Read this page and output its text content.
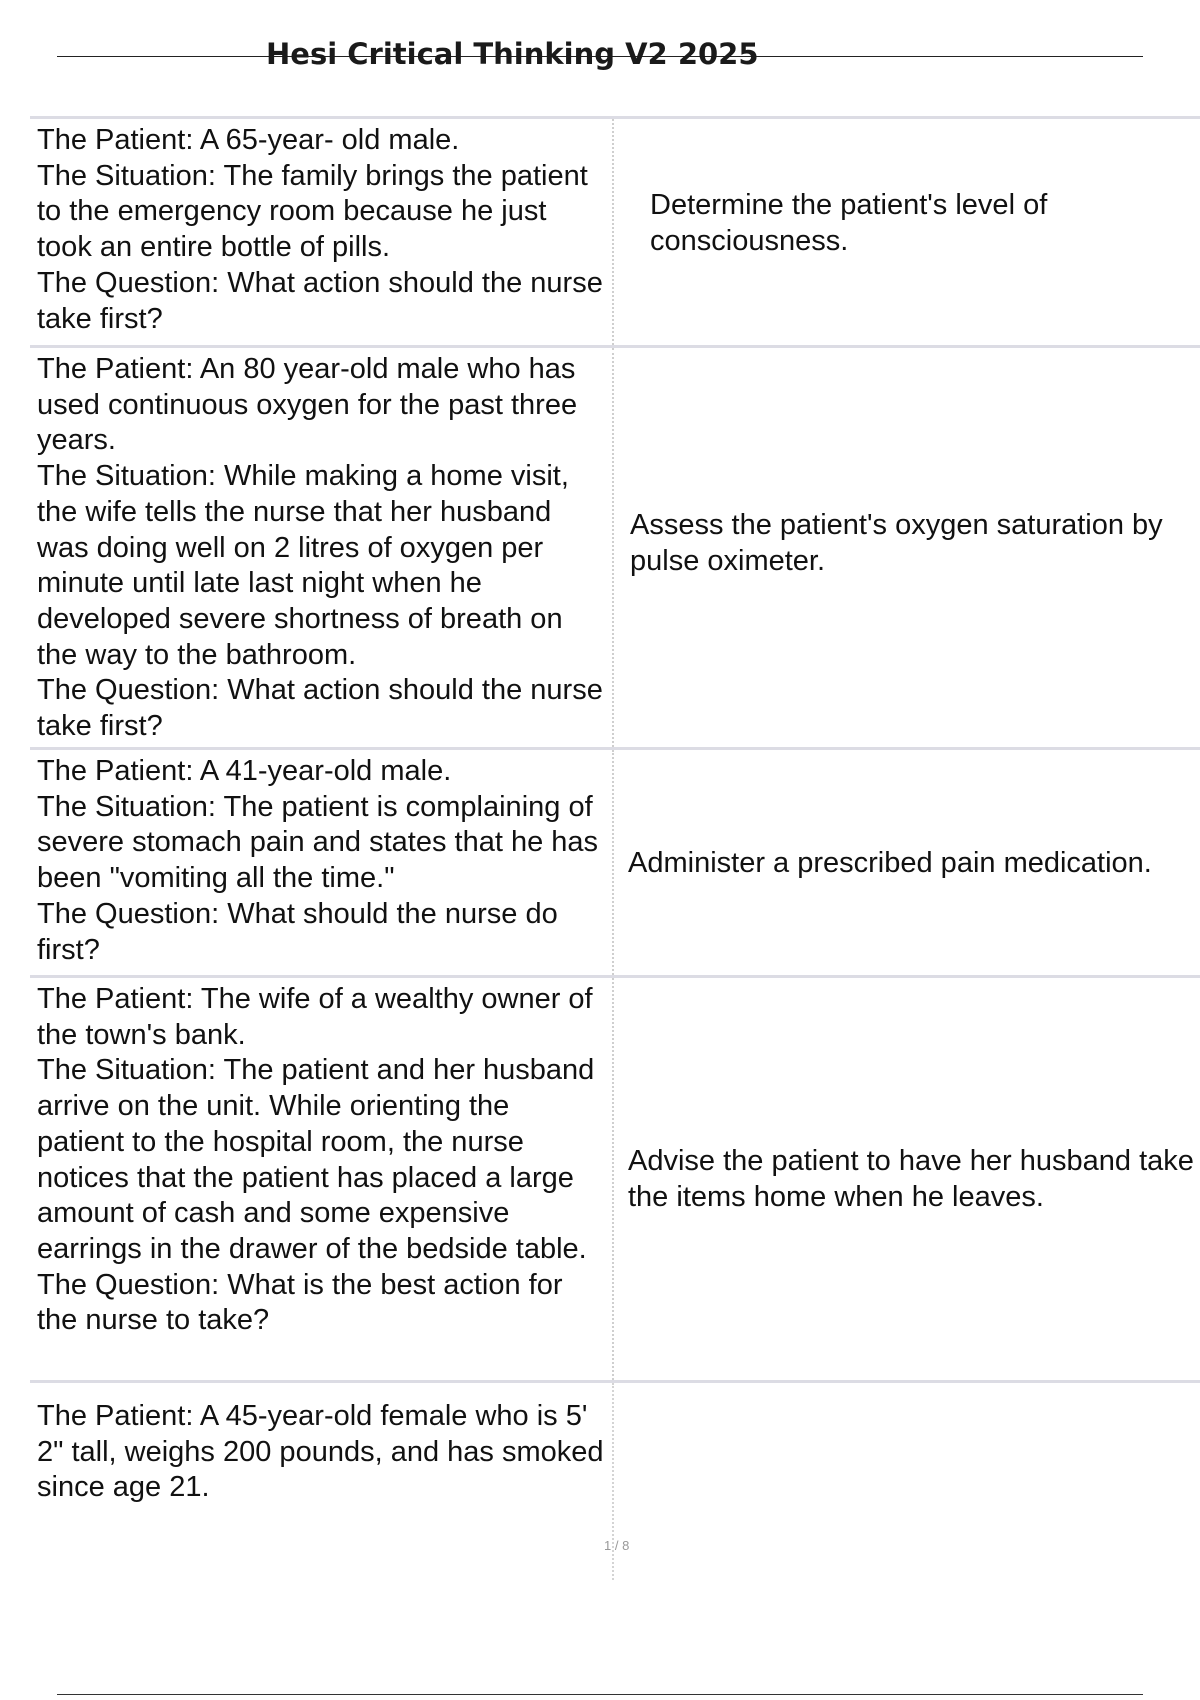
Hesi Critical Thinking V2 2025
The Patient: A 65-year- old male.
The Situation: The family brings the patient to the emergency room because he just took an entire bottle of pills.
The Question: What action should the nurse take first?
Determine the patient's level of consciousness.
The Patient: An 80 year-old male who has used continuous oxygen for the past three years.
The Situation: While making a home visit, the wife tells the nurse that her husband was doing well on 2 litres of oxygen per minute until late last night when he developed severe shortness of breath on the way to the bathroom.
The Question: What action should the nurse take first?
Assess the patient's oxygen saturation by pulse oximeter.
The Patient: A 41-year-old male.
The Situation: The patient is complaining of severe stomach pain and states that he has been "vomiting all the time."
The Question: What should the nurse do first?
Administer a prescribed pain medication.
The Patient: The wife of a wealthy owner of the town's bank.
The Situation: The patient and her husband arrive on the unit. While orienting the patient to the hospital room, the nurse notices that the patient has placed a large amount of cash and some expensive earrings in the drawer of the bedside table.
The Question: What is the best action for the nurse to take?
Advise the patient to have her husband take the items home when he leaves.
The Patient: A 45-year-old female who is 5' 2" tall, weighs 200 pounds, and has smoked since age 21.
1 / 8
